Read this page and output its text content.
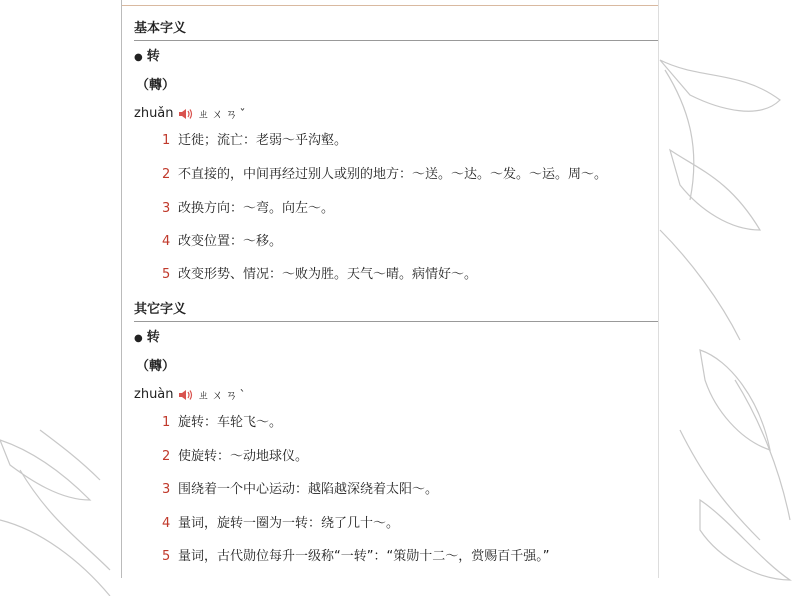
基本字义
● 转
（轉）
zhuǎn ㄓㄨㄢˇ
1 迁徙；流亡：老弱～乎沟壑。
2 不直接的，中间再经过别人或别的地方：～送。～达。～发。～运。周～。
3 改换方向：～弯。向左～。
4 改变位置：～移。
5 改变形势、情况：～败为胜。天气～晴。病情好～。
其它字义
● 转
（轉）
zhuàn ㄓㄨㄢˋ
1 旋转：车轮飞～。
2 使旋转：～动地球仪。
3 围绕着一个中心运动：越陷越深绕着太阳～。
4 量词，旋转一圈为一转：绕了几十～。
5 量词，古代勋位每升一级称“一转”：“策勋十二～，赏赐百千强。”
